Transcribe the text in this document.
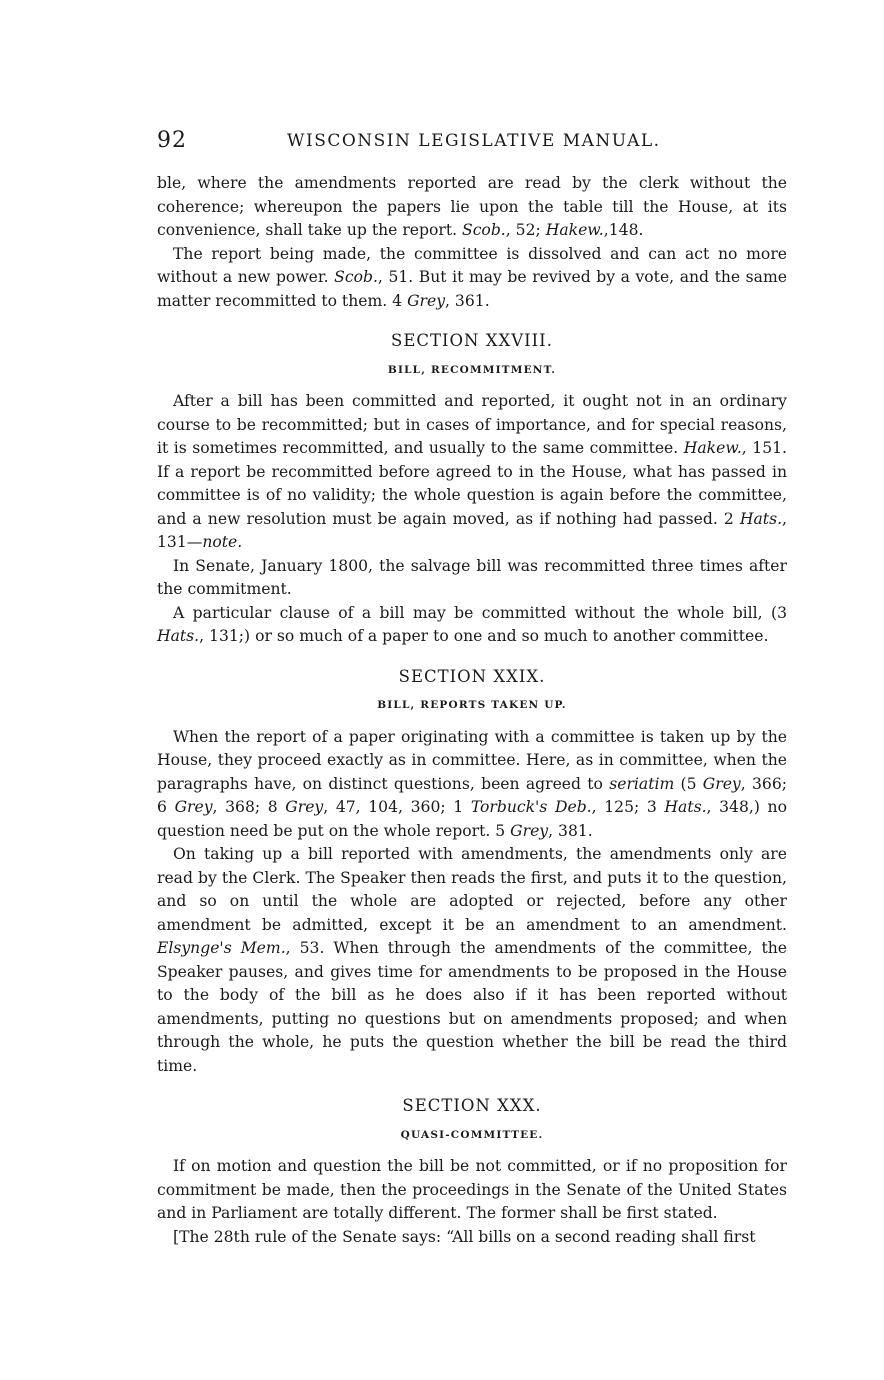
92	WISCONSIN LEGISLATIVE MANUAL.

ble, where the amendments reported are read by the clerk without the coherence; whereupon the papers lie upon the table till the House, at its convenience, shall take up the report. Scob., 52; Hakew.,148.

The report being made, the committee is dissolved and can act no more without a new power. Scob., 51. But it may be revived by a vote, and the same matter recommitted to them. 4 Grey, 361.

SECTION XXVIII.
BILL, RECOMMITMENT.

After a bill has been committed and reported, it ought not in an ordinary course to be recommitted; but in cases of importance, and for special reasons, it is sometimes recommitted, and usually to the same committee. Hakew., 151. If a report be recommitted before agreed to in the House, what has passed in committee is of no validity; the whole question is again before the committee, and a new resolution must be again moved, as if nothing had passed. 2 Hats., 131—note.

In Senate, January 1800, the salvage bill was recommitted three times after the commitment.

A particular clause of a bill may be committed without the whole bill, (3 Hats., 131;) or so much of a paper to one and so much to another committee.

SECTION XXIX.
BILL, REPORTS TAKEN UP.

When the report of a paper originating with a committee is taken up by the House, they proceed exactly as in committee. Here, as in committee, when the paragraphs have, on distinct questions, been agreed to seriatim (5 Grey, 366; 6 Grey, 368; 8 Grey, 47, 104, 360; 1 Torbuck's Deb., 125; 3 Hats., 348,) no question need be put on the whole report. 5 Grey, 381.

On taking up a bill reported with amendments, the amendments only are read by the Clerk. The Speaker then reads the first, and puts it to the question, and so on until the whole are adopted or rejected, before any other amendment be admitted, except it be an amendment to an amendment. Elsynge's Mem., 53. When through the amendments of the committee, the Speaker pauses, and gives time for amendments to be proposed in the House to the body of the bill as he does also if it has been reported without amendments, putting no questions but on amendments proposed; and when through the whole, he puts the question whether the bill be read the third time.

SECTION XXX.
QUASI-COMMITTEE.

If on motion and question the bill be not committed, or if no proposition for commitment be made, then the proceedings in the Senate of the United States and in Parliament are totally different. The former shall be first stated.

[The 28th rule of the Senate says: “All bills on a second reading shall first
